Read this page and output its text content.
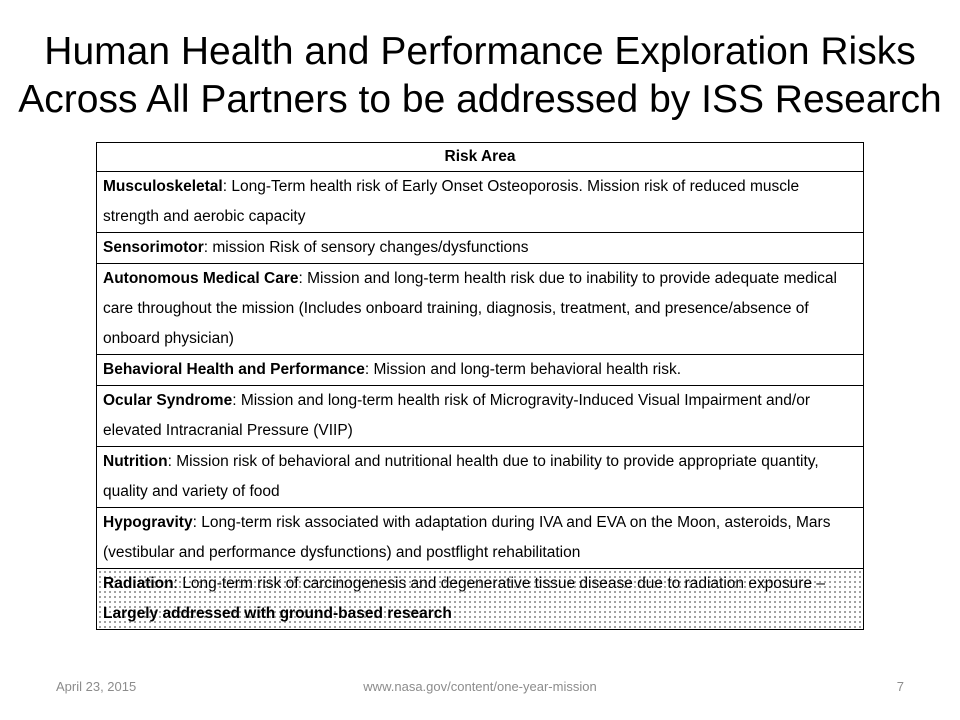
Human Health and Performance Exploration Risks
Across All Partners to be addressed by ISS Research
Risk Area
Musculoskeletal: Long-Term health risk of Early Onset Osteoporosis. Mission risk of reduced muscle strength and aerobic capacity
Sensorimotor: mission Risk of sensory changes/dysfunctions
Autonomous Medical Care: Mission and long-term health risk due to inability to provide adequate medical care throughout the mission (Includes onboard training, diagnosis, treatment, and presence/absence of onboard physician)
Behavioral Health and Performance: Mission and long-term behavioral health risk.
Ocular Syndrome: Mission and long-term health risk of Microgravity-Induced Visual Impairment and/or elevated Intracranial Pressure (VIIP)
Nutrition: Mission risk of behavioral and nutritional health due to inability to provide appropriate quantity, quality and variety of food
Hypogravity: Long-term risk associated with adaptation during IVA and EVA on the Moon, asteroids, Mars (vestibular and performance dysfunctions) and postflight rehabilitation
Radiation: Long-term risk of carcinogenesis and degenerative tissue disease due to radiation exposure – Largely addressed with ground-based research
April 23, 2015	www.nasa.gov/content/one-year-mission	7
